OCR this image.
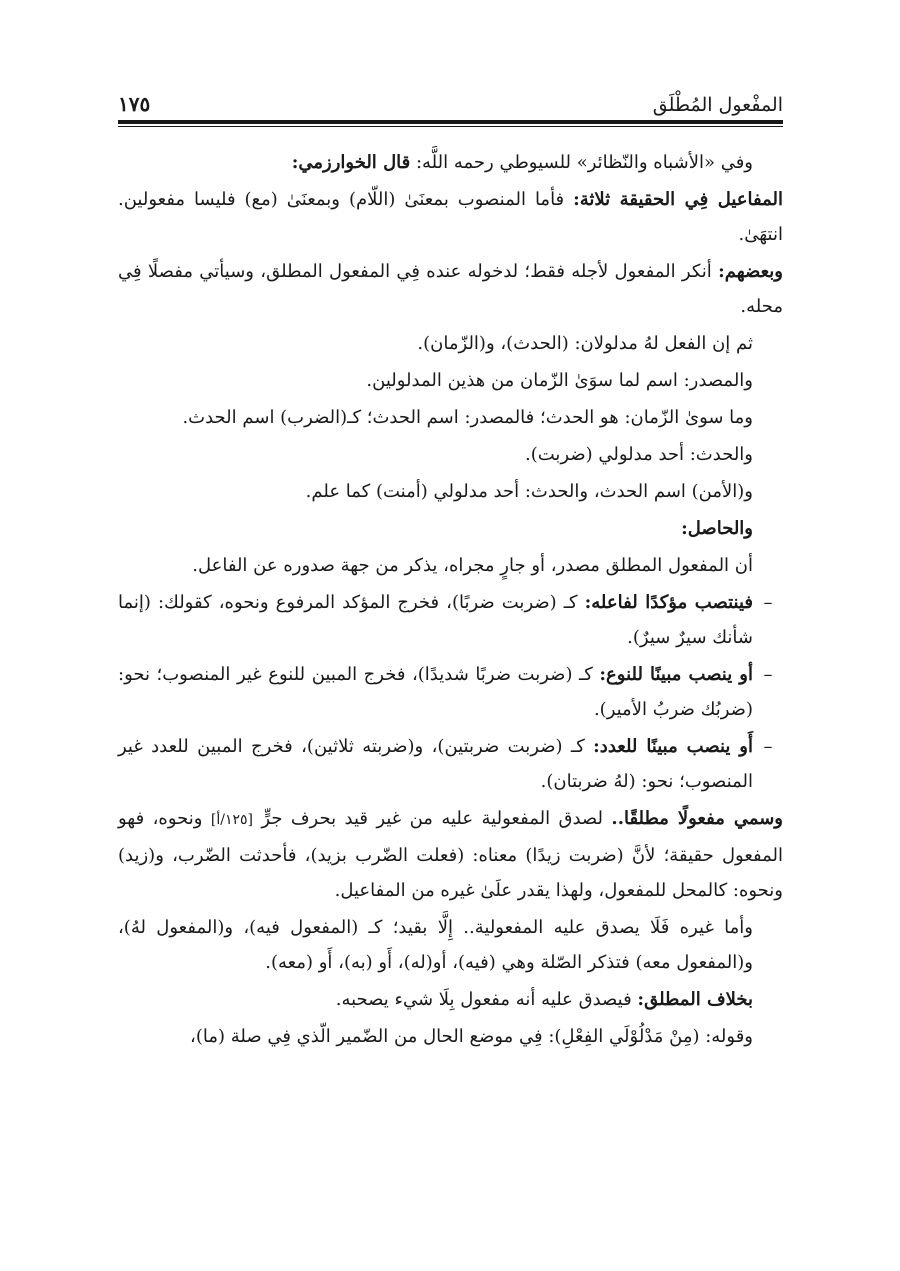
المفْعول المُطْلَق
١٧٥

وفي «الأشباه والنّظائر» للسيوطي رحمه اللَّه: قال الخوارزمي:

المفاعيل فِي الحقيقة ثلاثة: فأما المنصوب بمعنَىٰ (اللّام) وبمعنَىٰ (مع) فليسا مفعولين. انتهَىٰ.

وبعضهم: أنكر المفعول لأجله فقط؛ لدخوله عنده فِي المفعول المطلق، وسيأتي مفصلًا فِي محله.

ثم إن الفعل لهُ مدلولان: (الحدث)، و(الزّمان).

والمصدر: اسم لما سوَىٰ الزّمان من هذين المدلولين.

وما سوىٰ الزّمان: هو الحدث؛ فالمصدر: اسم الحدث؛ كـ(الضرب) اسم الحدث.

والحدث: أحد مدلولي (ضربت).

و(الأمن) اسم الحدث، والحدث: أحد مدلولي (أمنت) كما علم.

والحاصل:

أن المفعول المطلق مصدر، أو جارٍ مجراه، يذكر من جهة صدوره عن الفاعل.

–
فينتصب مؤكدًا لفاعله: كـ (ضربت ضربًا)، فخرج المؤكد المرفوع ونحوه، كقولك: (إنما شأنك سيرٌ سيرٌ).
–
أو ينصب مبينًا للنوع: كـ (ضربت ضربًا شديدًا)، فخرج المبين للنوع غير المنصوب؛ نحو: (ضربُك ضربُ الأمير).
–
أَو ينصب مبينًا للعدد: كـ (ضربت ضربتين)، و(ضربته ثلاثين)، فخرج المبين للعدد غير المنصوب؛ نحو: (لهُ ضربتان).

وسمي مفعولًا مطلقًا.. لصدق المفعولية عليه من غير قيد بحرف جرٍّ [١٢٥/أ] ونحوه، فهو المفعول حقيقة؛ لأنَّ (ضربت زيدًا) معناه: (فعلت الضّرب بزيد)، فأحدثت الضّرب، و(زيد) ونحوه: كالمحل للمفعول، ولهذا يقدر علَىٰ غيره من المفاعيل.

وأما غيره فَلَا يصدق عليه المفعولية.. إِلَّا بقيد؛ كـ (المفعول فيه)، و(المفعول لهُ)، و(المفعول معه) فتذكر الصّلة وهي (فيه)، أو(له)، أَو (به)، أَو (معه).

بخلاف المطلق: فيصدق عليه أنه مفعول بِلَا شيء يصحبه.

وقوله: (مِنْ مَدْلُوْلَي الفِعْلِ): فِي موضع الحال من الضّمير الّذي فِي صلة (ما)،
